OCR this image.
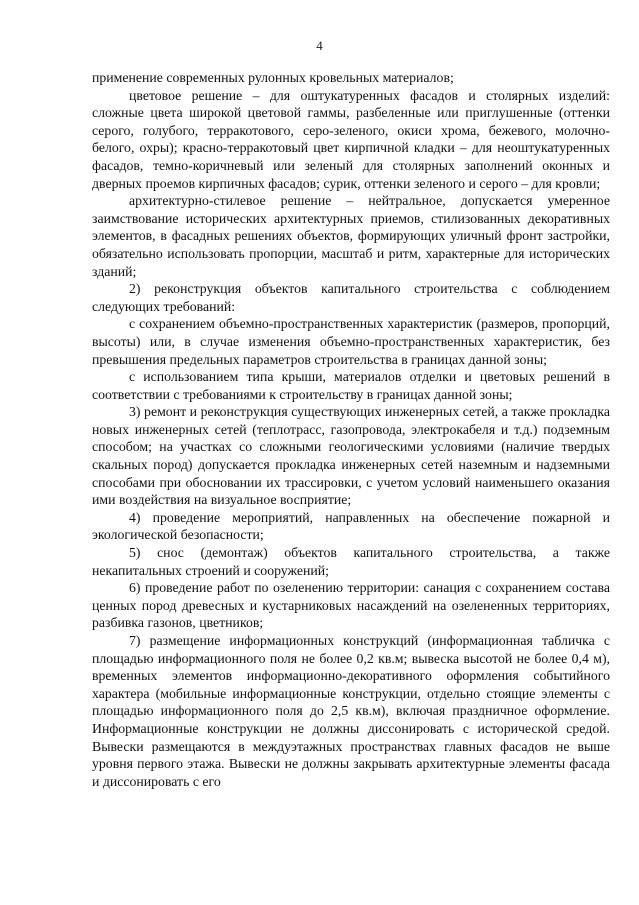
4

применение современных рулонных кровельных материалов;

цветовое решение – для оштукатуренных фасадов и столярных изделий: сложные цвета широкой цветовой гаммы, разбеленные или приглушенные (оттенки серого, голубого, терракотового, серо-зеленого, окиси хрома, бежевого, молочно-белого, охры); красно-терракотовый цвет кирпичной кладки – для неоштукатуренных фасадов, темно-коричневый или зеленый для столярных заполнений оконных и дверных проемов кирпичных фасадов; сурик, оттенки зеленого и серого – для кровли;

архитектурно-стилевое решение – нейтральное, допускается умеренное заимствование исторических архитектурных приемов, стилизованных декоративных элементов, в фасадных решениях объектов, формирующих уличный фронт застройки, обязательно использовать пропорции, масштаб и ритм, характерные для исторических зданий;

2) реконструкция объектов капитального строительства с соблюдением следующих требований:

с сохранением объемно-пространственных характеристик (размеров, пропорций, высоты) или, в случае изменения объемно-пространственных характеристик, без превышения предельных параметров строительства в границах данной зоны;

с использованием типа крыши, материалов отделки и цветовых решений в соответствии с требованиями к строительству в границах данной зоны;

3) ремонт и реконструкция существующих инженерных сетей, а также прокладка новых инженерных сетей (теплотрасс, газопровода, электрокабеля и т.д.) подземным способом; на участках со сложными геологическими условиями (наличие твердых скальных пород) допускается прокладка инженерных сетей наземным и надземными способами при обосновании их трассировки, с учетом условий наименьшего оказания ими воздействия на визуальное восприятие;

4) проведение мероприятий, направленных на обеспечение пожарной и экологической безопасности;

5) снос (демонтаж) объектов капитального строительства, а также некапитальных строений и сооружений;

6) проведение работ по озеленению территории: санация с сохранением состава ценных пород древесных и кустарниковых насаждений на озелененных территориях, разбивка газонов, цветников;

7) размещение информационных конструкций (информационная табличка с площадью информационного поля не более 0,2 кв.м; вывеска высотой не более 0,4 м), временных элементов информационно-декоративного оформления событийного характера (мобильные информационные конструкции, отдельно стоящие элементы с площадью информационного поля до 2,5 кв.м), включая праздничное оформление. Информационные конструкции не должны диссонировать с исторической средой. Вывески размещаются в междуэтажных пространствах главных фасадов не выше уровня первого этажа. Вывески не должны закрывать архитектурные элементы фасада и диссонировать с его
